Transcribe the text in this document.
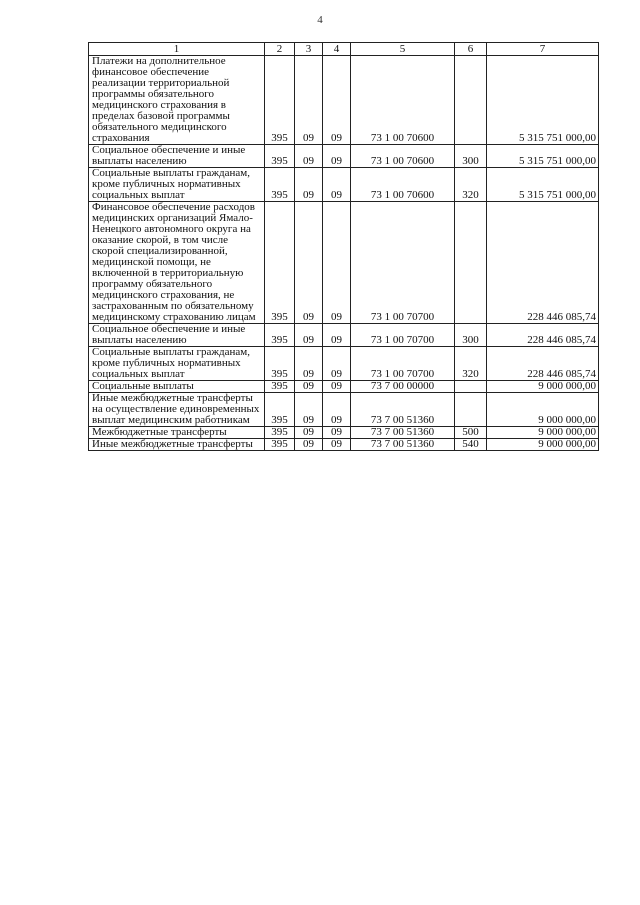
4
1	2	3	4	5	6	7
Платежи на дополнительное финансовое обеспечение реализации территориальной программы обязательного медицинского страхования в пределах базовой программы обязательного медицинского страхования	395	09	09	73 1 00 70600		5 315 751 000,00
Социальное обеспечение и иные выплаты населению	395	09	09	73 1 00 70600	300	5 315 751 000,00
Социальные выплаты гражданам, кроме публичных нормативных социальных выплат	395	09	09	73 1 00 70600	320	5 315 751 000,00
Финансовое обеспечение расходов медицинских организаций Ямало-Ненецкого автономного округа на оказание скорой, в том числе скорой специализированной, медицинской помощи, не включенной в территориальную программу обязательного медицинского страхования, не застрахованным по обязательному медицинскому страхованию лицам	395	09	09	73 1 00 70700		228 446 085,74
Социальное обеспечение и иные выплаты населению	395	09	09	73 1 00 70700	300	228 446 085,74
Социальные выплаты гражданам, кроме публичных нормативных социальных выплат	395	09	09	73 1 00 70700	320	228 446 085,74
Социальные выплаты	395	09	09	73 7 00 00000		9 000 000,00
Иные межбюджетные трансферты на осуществление единовременных выплат медицинским работникам	395	09	09	73 7 00 51360		9 000 000,00
Межбюджетные трансферты	395	09	09	73 7 00 51360	500	9 000 000,00
Иные межбюджетные трансферты	395	09	09	73 7 00 51360	540	9 000 000,00
